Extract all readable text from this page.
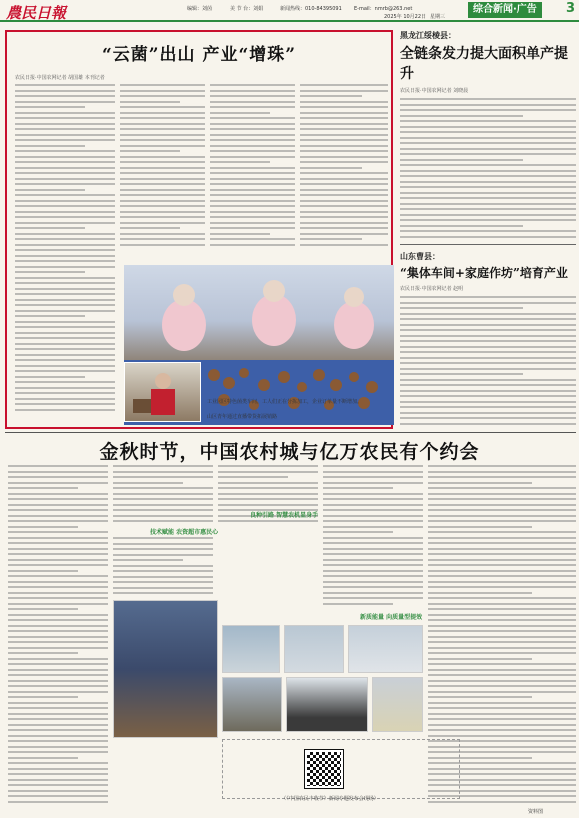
農民日報	编辑：刘茵	美 节 台：刘娟	新闻热线：010-84395091 E-mail：nmrb@263.net
2025年 10月22日 星期三
综合新闻·广告	3
“云菌”出山 产业“增珠”
农民日报·中国农网记者 胡国雄 本刊记者
工业园区特色菌类车间，工人们正在分拣加工，企业订单量不断增加。
山区青年通过直播带货拓展销路
黑龙江绥棱县：
全链条发力提大面积单产提升
农民日报·中国农网记者 刘晓晨
山东曹县：
“集体车间+家庭作坊”培育产业
农民日报·中国农网记者 赵明
金秋时节，中国农村城与亿万农民有个约会
技术赋能 农资超市惠民心
良种引路 智慧农机显身手
新质能量 向质量型提效
（《中国农民丰收节》新闻专题发布会现场）
资料图
